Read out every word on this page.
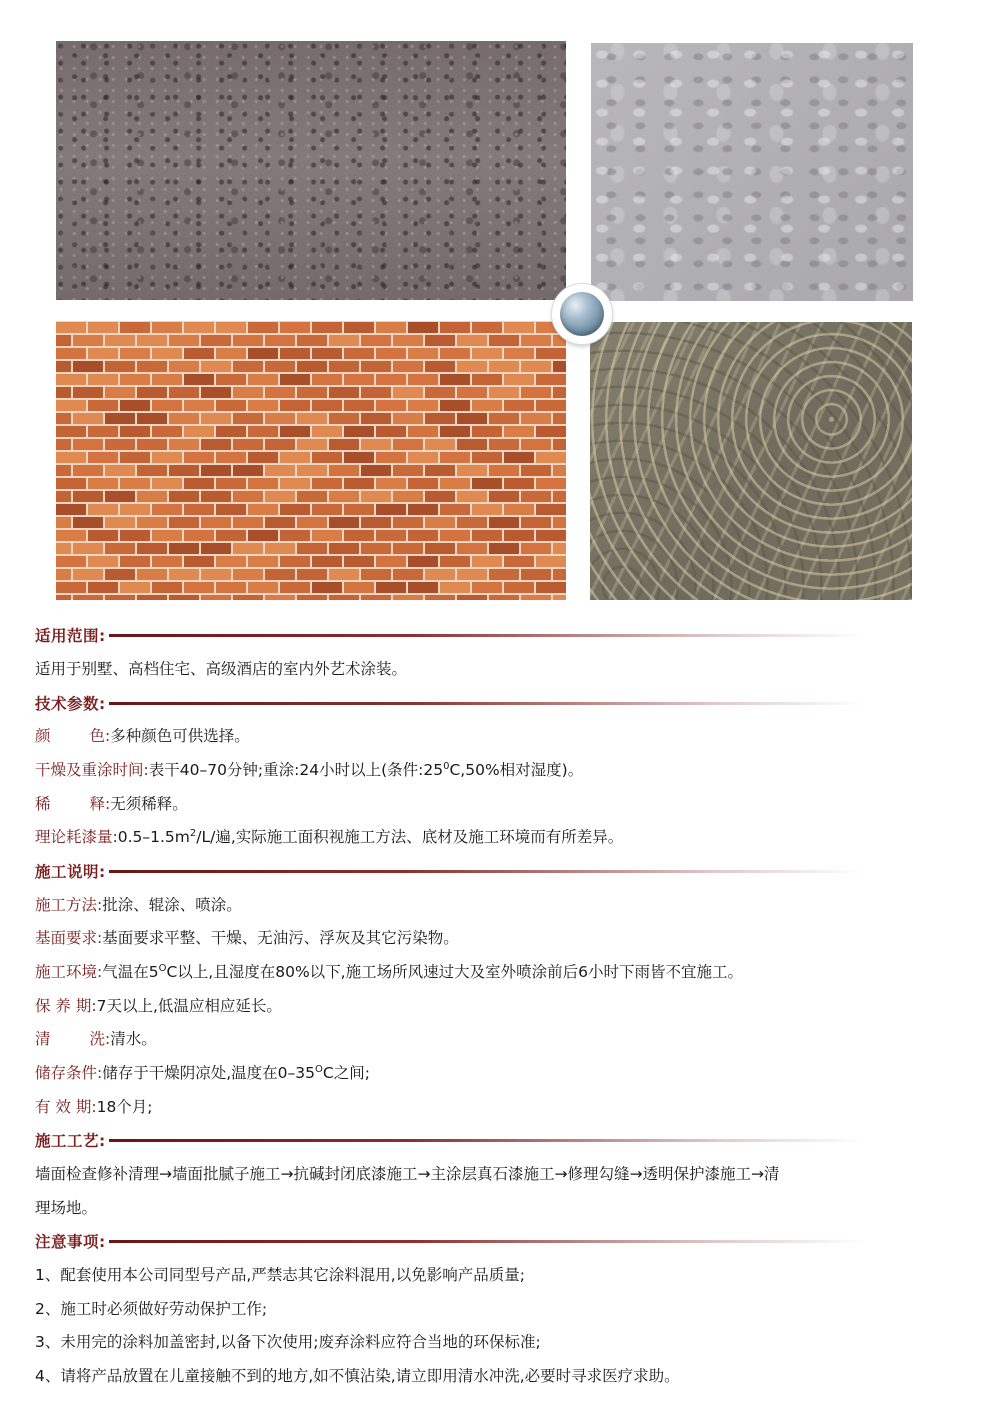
适用范围:
适用于别墅、高档住宅、高级酒店的室内外艺术涂装。
技术参数:
颜	色:多种颜色可供选择。
干燥及重涂时间:表干40–70分钟;重涂:24小时以上(条件$:25^0C,50\%$相对湿度)。
稀	释:无须稀释。
理论耗漆量$:0.5-1.5m^2/L/$遍,实际施工面积视施工方法、底材及施工环境而有所差异。
施工说明:
施工方法:批涂、辊涂、喷涂。
基面要求:基面要求平整、干燥、无油污、浮灰及其它污染物。
施工环境:气温在$5^OC$以上,且湿度在80%以下,施工场所风速过大及室外喷涂前后6小时下雨皆不宜施工。
保 养 期:7天以上,低温应相应延长。
清	洗:清水。
储存条件:储存于干燥阴凉处,温度在$0-35^OC$之间;
有 效 期:18个月;
施工工艺:
墙面检查修补清理→墙面批腻子施工→抗碱封闭底漆施工→主涂层真石漆施工→修理勾缝→透明保护漆施工→清
理场地。
注意事项:
1、配套使用本公司同型号产品,严禁志其它涂料混用,以免影响产品质量;
2、施工时必须做好劳动保护工作;
3、未用完的涂料加盖密封,以备下次使用;废弃涂料应符合当地的环保标准;
4、请将产品放置在儿童接触不到的地方,如不慎沾染,请立即用清水冲洗,必要时寻求医疗求助。
